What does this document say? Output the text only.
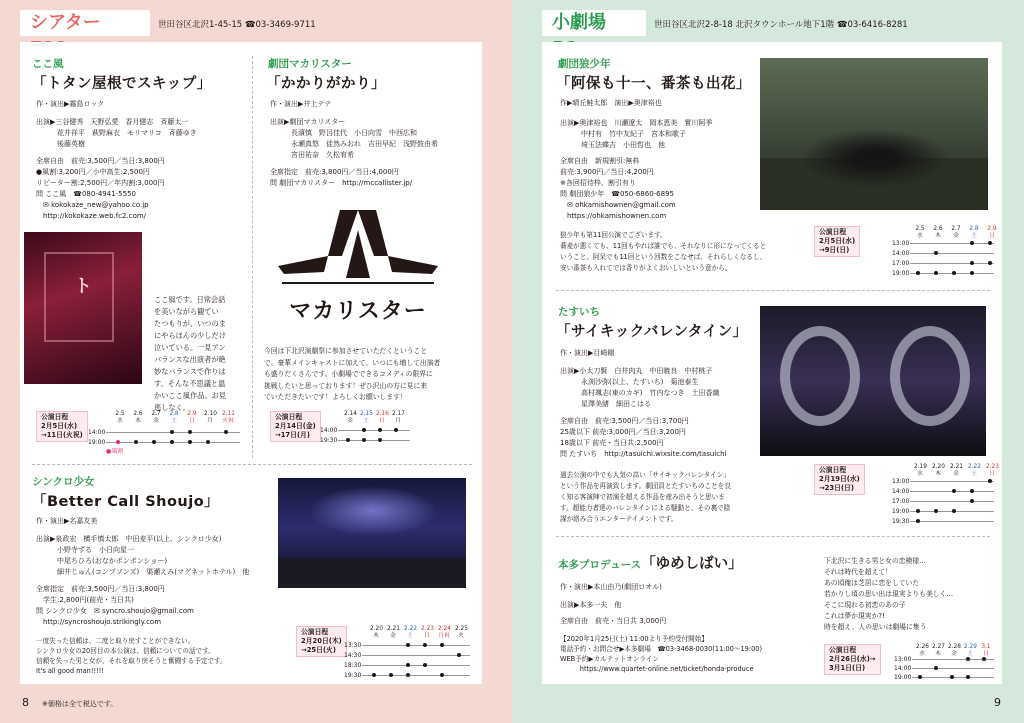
シアター	世田谷区北沢1-45-15 ☎03-3469-9711
ここ風
「トタン屋根でスキップ」
作・演出▶霧島ロック
出演▶三谷健秀　天野弘愛　香月健志　斉藤太一
　　　花井祥平　萩野麻衣　モリマリコ　斉藤ゆき
　　　後藤英樹
全席自由　前売:3,500円／当日:3,800円
●風割:3,200円／小中高生:2,500円
リピーター割:2,500円／年内割:3,000円
問 ここ風　☎080-4941-5550
　✉ kokokaze_new@yahoo.co.jp
　http://kokokaze.web.fc2.com/
ト
ここ風です。日常会話
を美いながら観てい
たつもりが、いつのま
にやらほんの少しだけ
泣いている。一見アン
バランスな出演者が絶
妙なバランスで作りは
す、そんな不思議と温
かいここ風作品。お見
逃しなく。
公演日程
2月5日(水)
→11日(火祝)
2.5
水
2.6
木
2.7
金
2.8
土
2.9
日
2.10
月
2.11
火祝
14:00
19:00
●風割
劇団マカリスター
「かかりがかり」
作・演出▶井上テテ
出演▶劇団マカリスター
　　　長濱慎　野呂佳代　小日向雪　中西広和
　　　永瀬真悠　徒然みおれ　吉田早紀　浅野鼓由希
　　　宮田祐奈　久松宥希
全席指定　前売:3,800円／当日:4,000円
問 劇団マカリスター　http://mccallister.jp/
マカリスター
今回は下北沢演劇祭に参加させていただくということ
で、豪華メインキャストに加えて、いつにも増して出演者
も盛りだくさんです。小劇場でできるコメディの限界に
挑戦したいと思っております！ぜひ沢山の方に見に来
ていただきたいです！よろしくお願いします！
公演日程
2月14日(金)
→17日(月)
2.14
金
2.15
土
2.16
日
2.17
月
14:00
19:30
シンクロ少女
「Better Call Shoujo」
作・演出▶名嘉友美
出演▶泉政宏　横手慎太郎　中田麦平(以上、シンクロ少女)
　　　小野寺ずる　小日向星一
　　　中尾ちひろ(おなかポンポンショー)
　　　細井じゅん(コンプソンズ)　渠瀬えみ(マグネットホテル)　他
全席指定　前売:3,500円／当日:3,800円
　学生:2,800円(前売・当日共)
問 シンクロ少女　✉ syncro.shoujo@gmail.com
　http://syncroshoujo.strikingly.com
一度失った信頼は、二度と取り戻すことができない。
シンクロ少女の20回目の本公演は、信頼についての話です。
信頼を失った男と女が、それを取り戻そうと奮闘する予定です。
It's all good man!!!!!
公演日程
2月20日(木)
→25日(火)
2.20
木
2.21
金
2.22
土
2.23
日
2.24
月祝
2.25
火
13:30
14:30
18:30
19:30
8 ※価格は全て税込です。
小劇場	世田谷区北沢2-8-18 北沢タウンホール地下1階 ☎03-6416-8281
劇団狼少年
「阿保も十一、番茶も出花」
作▶晴丘鮭太郎　演出▶奥津裕也
出演▶奥津裕也　川瀬遼太　岡本恵美　實川阿季
　　　中村有　竹中友紀子　宮本和歌子
　　　埼玉法蝶吉　小田哲也　他
全席自由　新規割引:無料
前売:3,900円／当日:4,200円
※各回招待枠、割引有り
問 劇団狼少年　☎050-6860-6895
　✉ ohkamishownen@gmail.com
　https://ohkamishownen.com
狼少年も第11回公演でございます。
蕎麦が悪くても、11回もやれば誰でも、それなりに形になってくると
いうこと。阿呆でも11回という回数をこなせば、それらしくなるし、
安い番茶も入れてでは香りがよくおいしいという意から。
公演日程
2月5日(水)
→9日(日)
2.5
水
2.6
木
2.7
金
2.8
土
2.9
日
13:00
14:00
17:00
19:00
たすいち
「サイキックバレンタイン」
作・演出▶目崎剛
出演▶小太刀賢　白井肉丸　中田暁良　中村桃子
　　　永渕沙弥(以上、たすいち)　菊池泰生
　　　高村颯志(東のカギ)　竹内なつき　土田香織
　　　星澤美緒　細田こはる
全席自由　前売:3,500円／当日:3,700円
25歳以下 前売:3,000円／当日:3,200円
18歳以下 前売・当日共:2,500円
問 たすいち　http://tasuichi.wixsite.com/tasuichi
過去公演の中でも人気の高い「サイキックバレンタイン」
という作品を再演致します。劇団員とたすいちのことを良
く知る客演陣で初演を超える作品を産み出そうと思いま
す。超能力者達のバレンタインによる騒動と、その裏で陰
謀が絡み合うエンターテイメントです。
公演日程
2月19日(水)
→23日(日)
2.19
水
2.20
木
2.21
金
2.22
土
2.23
日
13:00
14:00
17:00
19:00
19:30
本多プロデュース「ゆめしばい」
作・演出▶本山由乃(劇団ロオル)
出演▶本多一夫　他
全席自由　前売・当日共 3,000円
【2020年1月25日(土) 11:00より予約受付開始】
電話予約・お問合せ▶本多劇場　☎03-3468-0030(11:00〜19:00)
WEB予約▶カルテットオンライン
　　　https://www.quartet-online.net/ticket/honda-produce
下北沢に生きる男と女の恋模様…
それは時代を超えて！
あの頃俺は芝居に恋をしていた
若かりし頃の思い出は現実よりも美しく…
そこに現れる初恋のあの子
これは夢か現実か?!
時を超え、人の思いは劇場に集う
公演日程
2月26日(水)→
3月1日(日)
2.26
水
2.27
木
2.28
金
2.29
土
3.1
日
13:00
14:00
19:00
9
